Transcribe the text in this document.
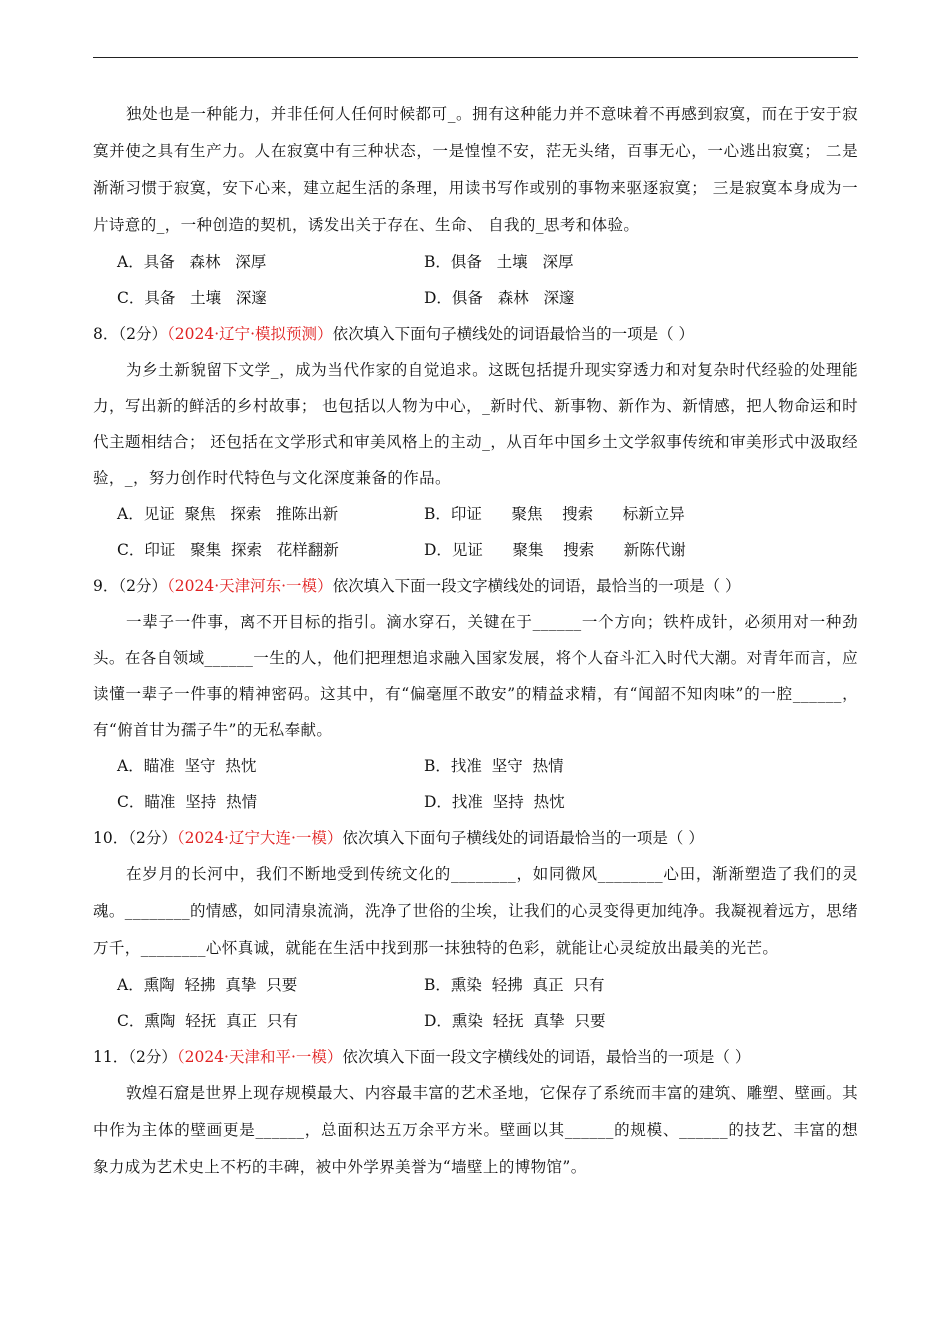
独处也是一种能力，并非任何人任何时候都可_。拥有这种能力并不意味着不再感到寂寞，而在于安于寂寞并使之具有生产力。人在寂寞中有三种状态，一是惶惶不安，茫无头绪，百事无心，一心逃出寂寞； 二是渐渐习惯于寂寞，安下心来，建立起生活的条理，用读书写作或别的事物来驱逐寂寞； 三是寂寞本身成为一片诗意的_，一种创造的契机，诱发出关于存在、生命、 自我的_思考和体验。

A．具备   森林   深厚	B．俱备   土壤   深厚
C．具备   土壤   深邃	D．俱备   森林   深邃
8．（2分）（2024·辽宁·模拟预测）依次填入下面句子横线处的词语最恰当的一项是（ ）

为乡土新貌留下文学_，成为当代作家的自觉追求。这既包括提升现实穿透力和对复杂时代经验的处理能力，写出新的鲜活的乡村故事； 也包括以人物为中心，_新时代、新事物、新作为、新情感，把人物命运和时代主题相结合； 还包括在文学形式和审美风格上的主动_，从百年中国乡土文学叙事传统和审美形式中汲取经验，_，努力创作时代特色与文化深度兼备的作品。

A．见证  聚焦   探索   推陈出新	B．印证      聚焦    搜索      标新立异
C．印证   聚集  探索   花样翻新	D．见证      聚集    搜索      新陈代谢
9．（2分）（2024·天津河东·一模）依次填入下面一段文字横线处的词语，最恰当的一项是（ ）

一辈子一件事，离不开目标的指引。滴水穿石，关键在于______一个方向；铁杵成针，必须用对一种劲头。在各自领域______一生的人，他们把理想追求融入国家发展，将个人奋斗汇入时代大潮。对青年而言，应读懂一辈子一件事的精神密码。这其中，有“偏毫厘不敢安”的精益求精，有“闻韶不知肉味”的一腔______，有“俯首甘为孺子牛”的无私奉献。

A．瞄准  坚守  热忱	B．找准  坚守  热情
C．瞄准  坚持  热情	D．找准  坚持  热忱
10．（2分）（2024·辽宁大连·一模）依次填入下面句子横线处的词语最恰当的一项是（ ）

在岁月的长河中，我们不断地受到传统文化的________，如同微风________心田，渐渐塑造了我们的灵魂。________的情感，如同清泉流淌，洗净了世俗的尘埃，让我们的心灵变得更加纯净。我凝视着远方，思绪万千，________心怀真诚，就能在生活中找到那一抹独特的色彩，就能让心灵绽放出最美的光芒。

A．熏陶  轻拂  真挚  只要	B．熏染  轻拂  真正  只有
C．熏陶  轻抚  真正  只有	D．熏染  轻抚  真挚  只要
11．（2分）（2024·天津和平·一模）依次填入下面一段文字横线处的词语，最恰当的一项是（ ）

敦煌石窟是世界上现存规模最大、内容最丰富的艺术圣地，它保存了系统而丰富的建筑、雕塑、壁画。其中作为主体的壁画更是______，总面积达五万余平方米。壁画以其______的规模、______的技艺、丰富的想象力成为艺术史上不朽的丰碑，被中外学界美誉为“墙壁上的博物馆”。
